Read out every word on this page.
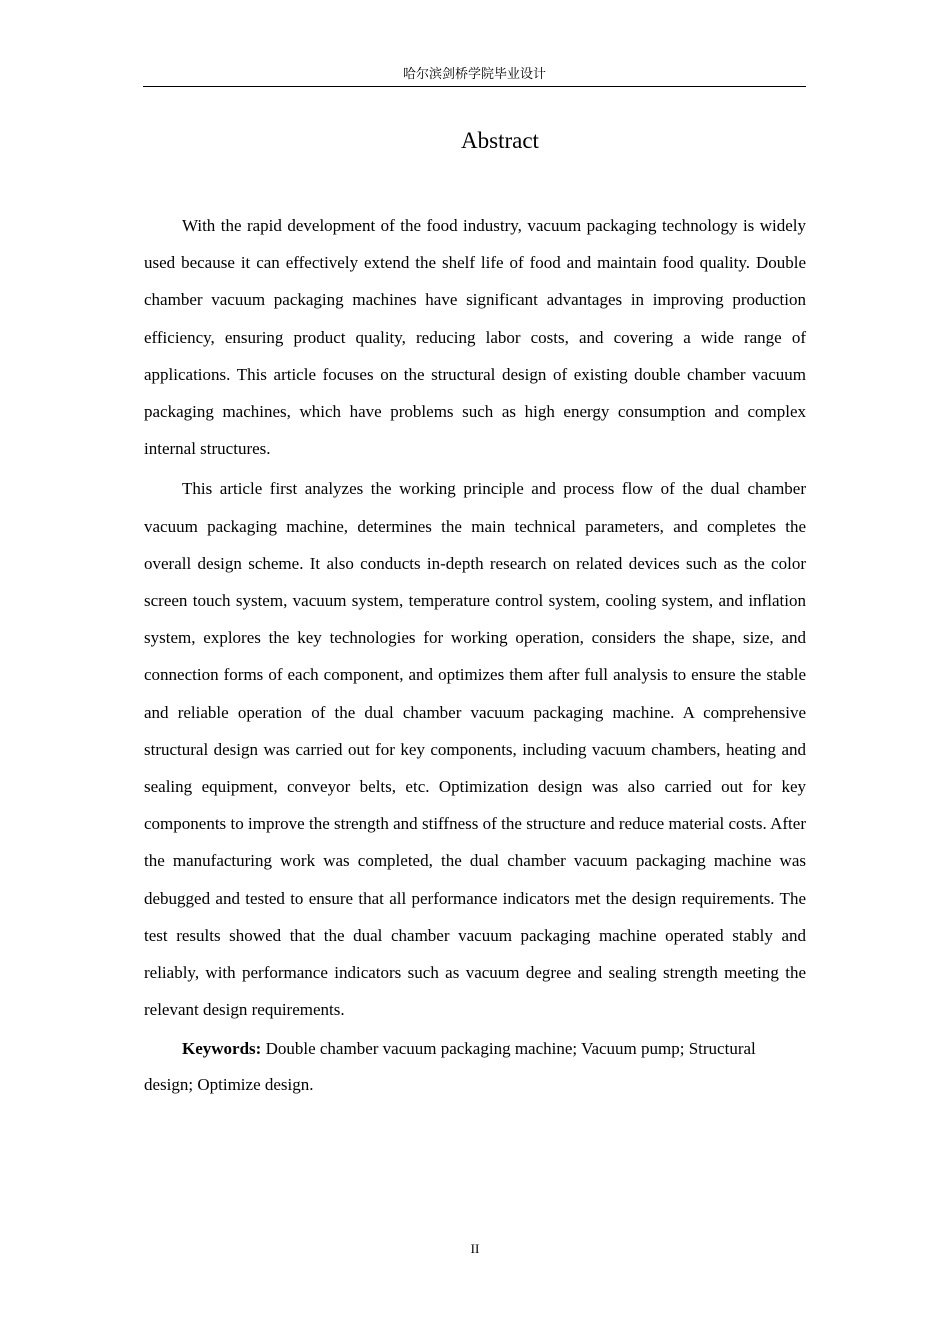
哈尔滨剑桥学院毕业设计
Abstract

With the rapid development of the food industry, vacuum packaging technology is widely used because it can effectively extend the shelf life of food and maintain food quality. Double chamber vacuum packaging machines have significant advantages in improving production efficiency, ensuring product quality, reducing labor costs, and covering a wide range of applications. This article focuses on the structural design of existing double chamber vacuum packaging machines, which have problems such as high energy consumption and complex internal structures.

This article first analyzes the working principle and process flow of the dual chamber vacuum packaging machine, determines the main technical parameters, and completes the overall design scheme. It also conducts in-depth research on related devices such as the color screen touch system, vacuum system, temperature control system, cooling system, and inflation system, explores the key technologies for working operation, considers the shape, size, and connection forms of each component, and optimizes them after full analysis to ensure the stable and reliable operation of the dual chamber vacuum packaging machine. A comprehensive structural design was carried out for key components, including vacuum chambers, heating and sealing equipment, conveyor belts, etc. Optimization design was also carried out for key components to improve the strength and stiffness of the structure and reduce material costs. After the manufacturing work was completed, the dual chamber vacuum packaging machine was debugged and tested to ensure that all performance indicators met the design requirements. The test results showed that the dual chamber vacuum packaging machine operated stably and reliably, with performance indicators such as vacuum degree and sealing strength meeting the relevant design requirements.

Keywords: Double chamber vacuum packaging machine; Vacuum pump; Structural design; Optimize design.

II
